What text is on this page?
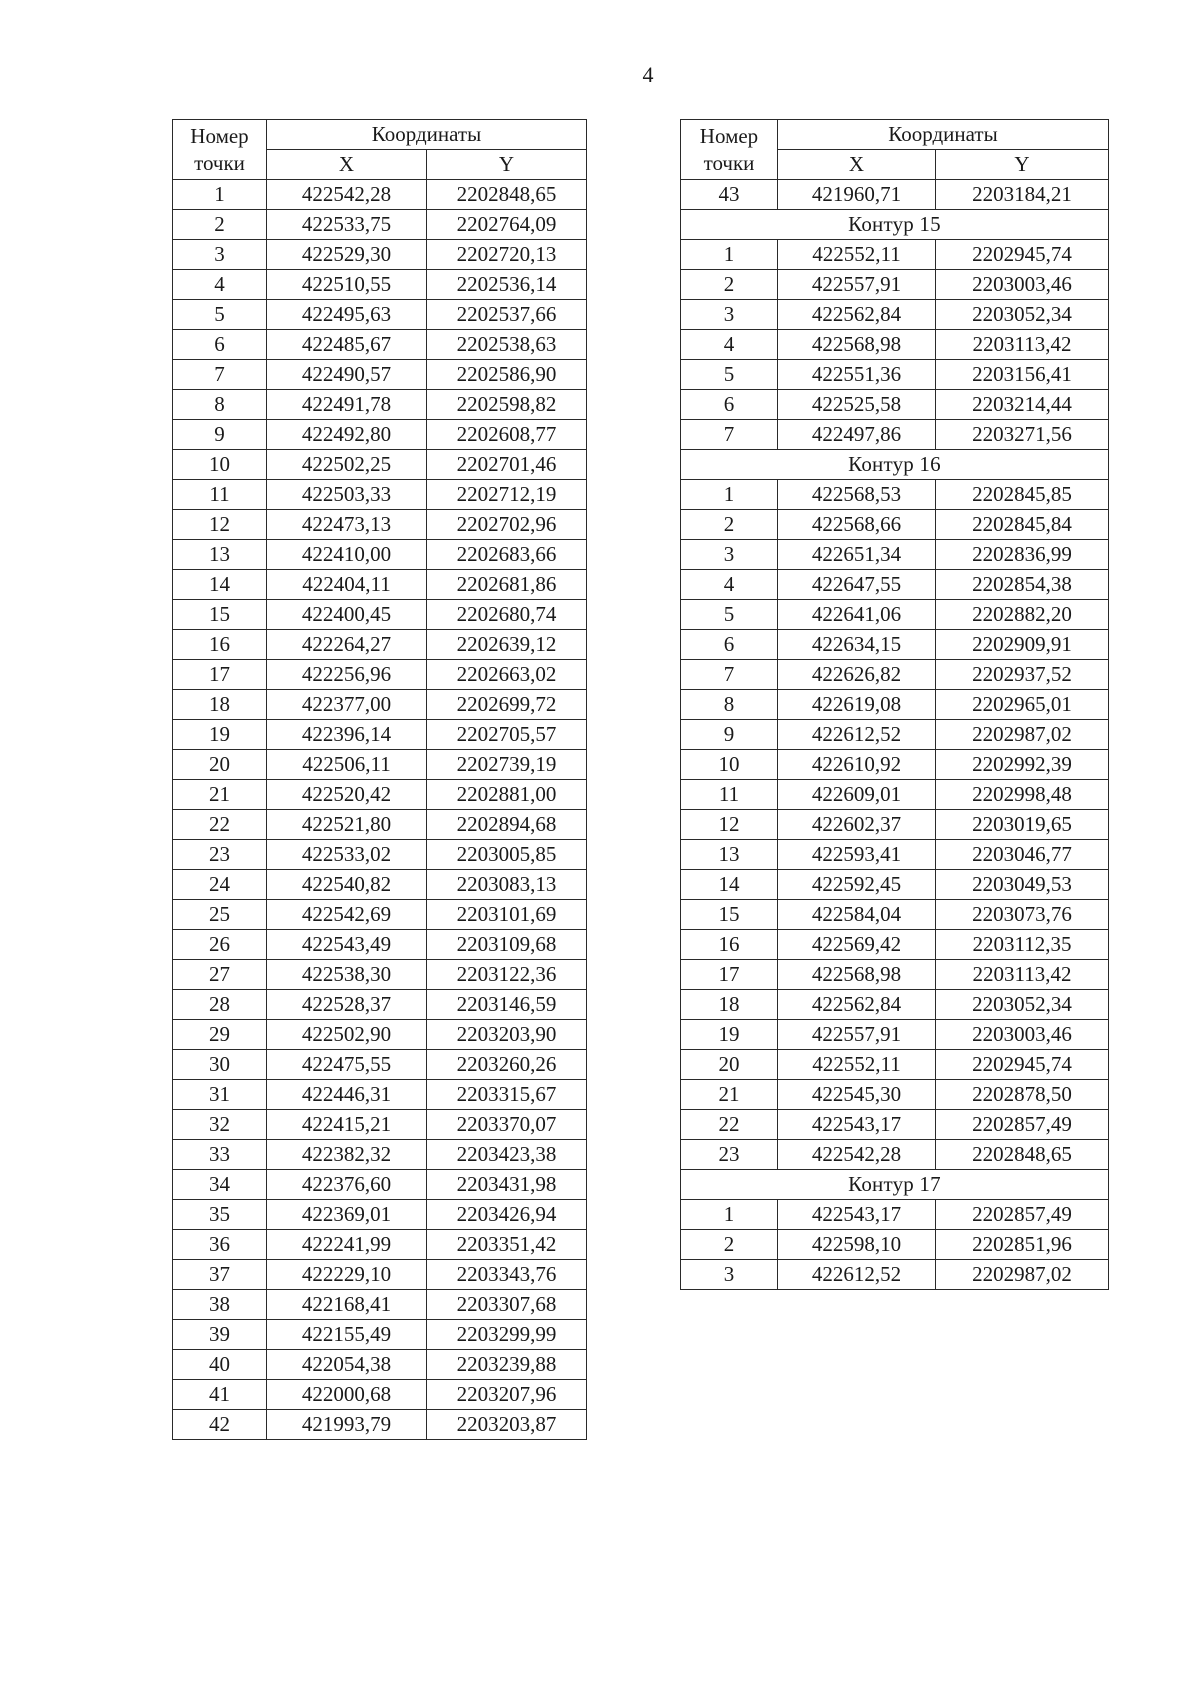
4
Номер
точки	Координаты	
	X	Y
1	422542,28	2202848,65
2	422533,75	2202764,09
3	422529,30	2202720,13
4	422510,55	2202536,14
5	422495,63	2202537,66
6	422485,67	2202538,63
7	422490,57	2202586,90
8	422491,78	2202598,82
9	422492,80	2202608,77
10	422502,25	2202701,46
11	422503,33	2202712,19
12	422473,13	2202702,96
13	422410,00	2202683,66
14	422404,11	2202681,86
15	422400,45	2202680,74
16	422264,27	2202639,12
17	422256,96	2202663,02
18	422377,00	2202699,72
19	422396,14	2202705,57
20	422506,11	2202739,19
21	422520,42	2202881,00
22	422521,80	2202894,68
23	422533,02	2203005,85
24	422540,82	2203083,13
25	422542,69	2203101,69
26	422543,49	2203109,68
27	422538,30	2203122,36
28	422528,37	2203146,59
29	422502,90	2203203,90
30	422475,55	2203260,26
31	422446,31	2203315,67
32	422415,21	2203370,07
33	422382,32	2203423,38
34	422376,60	2203431,98
35	422369,01	2203426,94
36	422241,99	2203351,42
37	422229,10	2203343,76
38	422168,41	2203307,68
39	422155,49	2203299,99
40	422054,38	2203239,88
41	422000,68	2203207,96
42	421993,79	2203203,87
Номер
точки	Координаты	
	X	Y
43	421960,71	2203184,21
Контур 15		
1	422552,11	2202945,74
2	422557,91	2203003,46
3	422562,84	2203052,34
4	422568,98	2203113,42
5	422551,36	2203156,41
6	422525,58	2203214,44
7	422497,86	2203271,56
Контур 16		
1	422568,53	2202845,85
2	422568,66	2202845,84
3	422651,34	2202836,99
4	422647,55	2202854,38
5	422641,06	2202882,20
6	422634,15	2202909,91
7	422626,82	2202937,52
8	422619,08	2202965,01
9	422612,52	2202987,02
10	422610,92	2202992,39
11	422609,01	2202998,48
12	422602,37	2203019,65
13	422593,41	2203046,77
14	422592,45	2203049,53
15	422584,04	2203073,76
16	422569,42	2203112,35
17	422568,98	2203113,42
18	422562,84	2203052,34
19	422557,91	2203003,46
20	422552,11	2202945,74
21	422545,30	2202878,50
22	422543,17	2202857,49
23	422542,28	2202848,65
Контур 17		
1	422543,17	2202857,49
2	422598,10	2202851,96
3	422612,52	2202987,02
